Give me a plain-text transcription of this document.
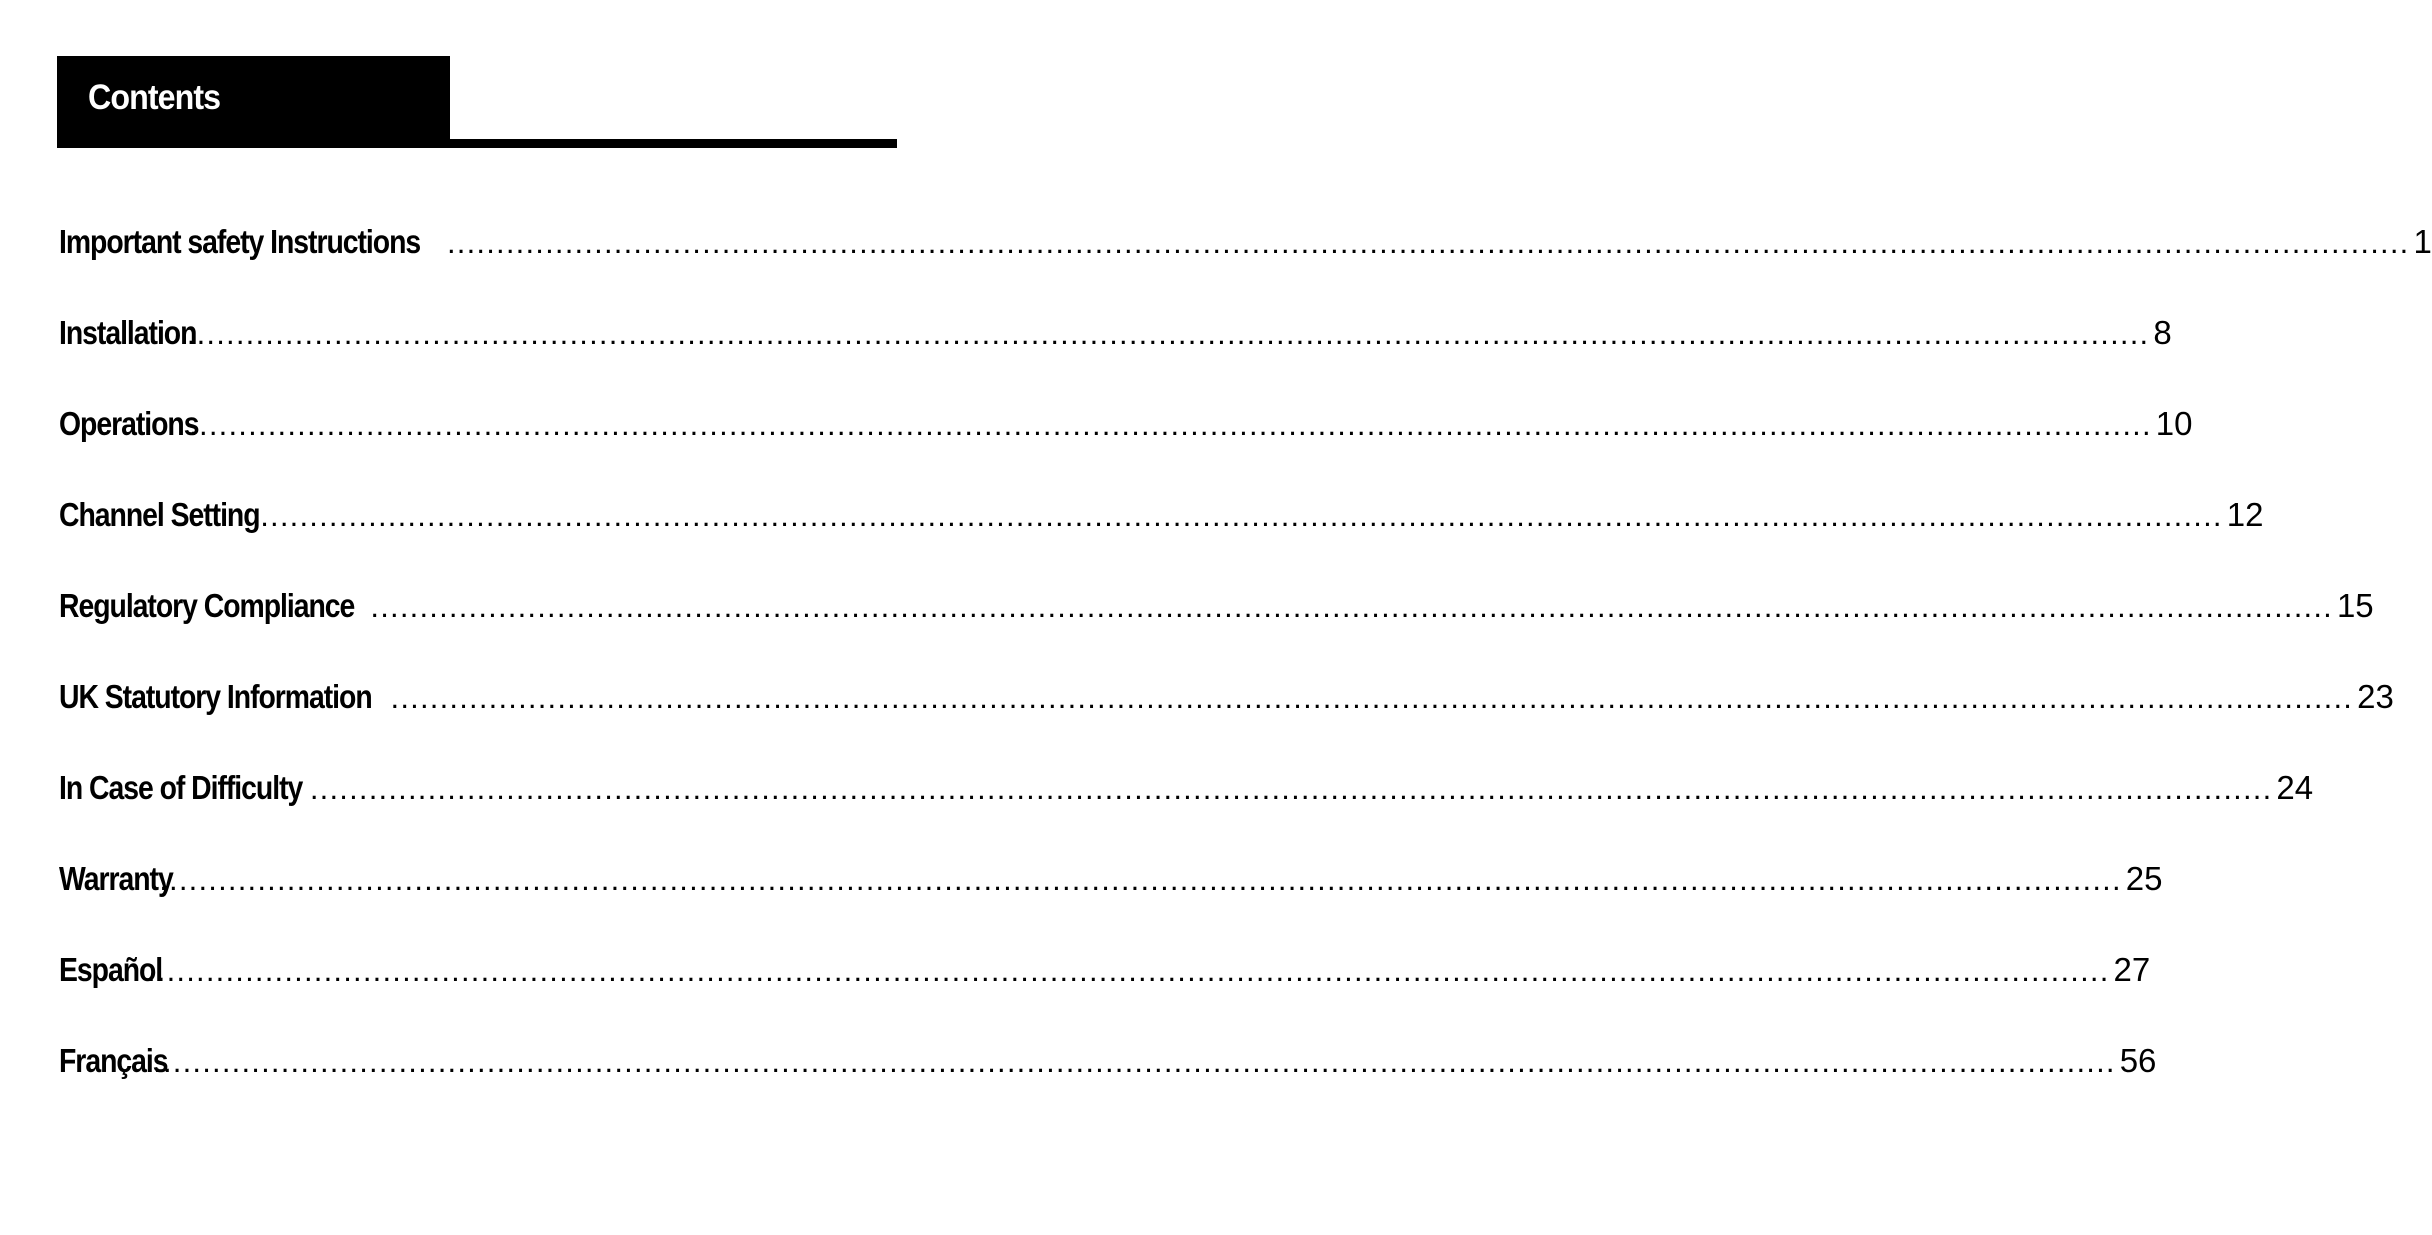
Contents
Important safety Instructions ........................................................................................................................................................................................................ 1
Installation
........................................................................................................................................................................................................ 8
Operations
........................................................................................................................................................................................................ 10
Channel Setting ........................................................................................................................................................................................................ 12
Regulatory Compliance ........................................................................................................................................................................................................ 15
UK Statutory Information ........................................................................................................................................................................................................ 23
In Case of Difficulty ........................................................................................................................................................................................................ 24
Warranty
........................................................................................................................................................................................................ 25
Español
........................................................................................................................................................................................................ 27
Français
........................................................................................................................................................................................................ 56
